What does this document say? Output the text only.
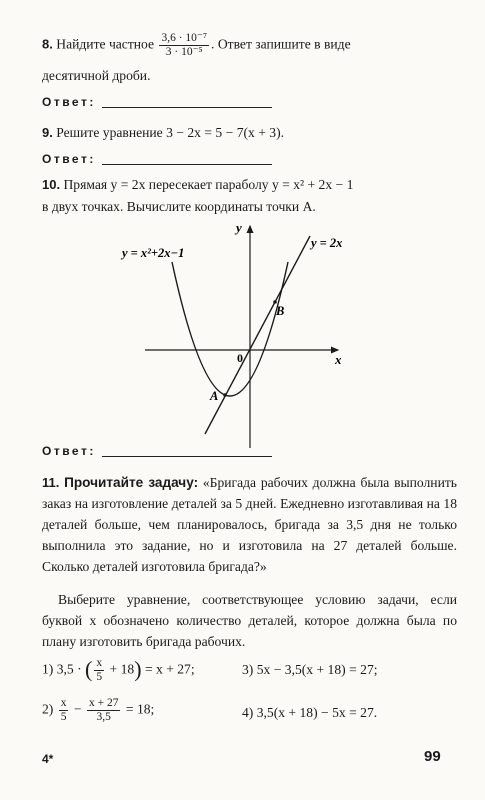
8. Найдите частное $\frac{\text{3,6 · 10⁻⁷}}{\text{3 · 10⁻⁵}}$ . Ответ запишите в виде
десятичной дроби.
Ответ:
9. Решите уравнение 3 − 2x = 5 − 7(x + 3).
Ответ:
10. Прямая y = 2x пересекает параболу y = x² + 2x − 1
в двух точках. Вычислите координаты точки A.
y = x²+2x−1
y = 2x
y
x
0
A
B
Ответ:
11. Прочитайте задачу: «Бригада рабочих должна была выполнить заказ на изготовление деталей за 5 дней. Ежедневно изготавливая на 18 деталей больше, чем планировалось, бригада за 3,5 дня не только выполнила это задание, но и изготовила на 27 деталей больше. Сколько деталей изготовила бригада?»
Выберите уравнение, соответствующее условию задачи, если буквой x обозначено количество деталей, которое должна была по плану изготовить бригада рабочих.
1) 3,5 · ( $\frac{x}{5} + 18) = x + 27$;	3) 5x − 3,5(x + 18) = 27;
$2) \frac{x}{5} - \frac{x + 27}{3,5} = 18$;	4) 3,5(x + 18) − 5x = 27.
4*	99
